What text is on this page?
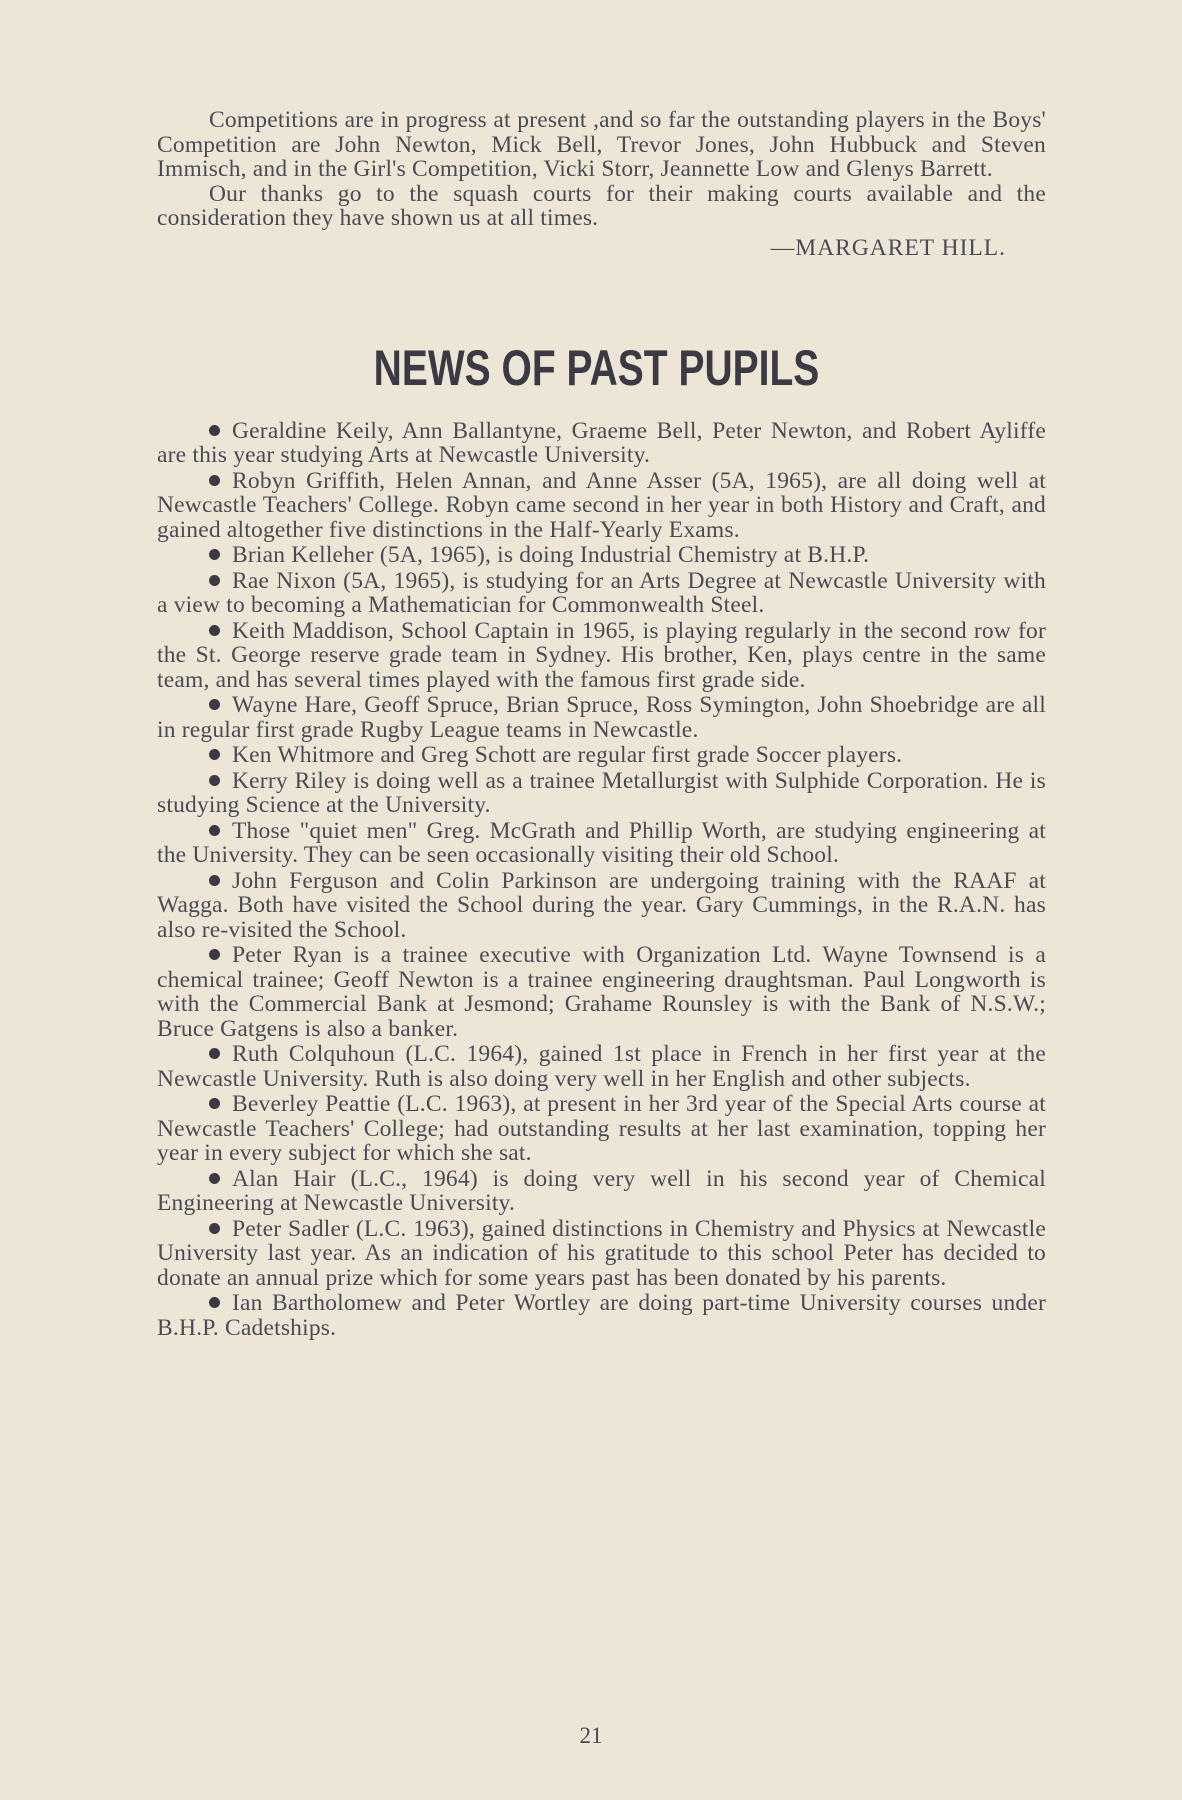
Competitions are in progress at present ,and so far the outstanding players in the Boys' Competition are John Newton, Mick Bell, Trevor Jones, John Hubbuck and Steven Immisch, and in the Girl's Competition, Vicki Storr, Jeannette Low and Glenys Barrett.

Our thanks go to the squash courts for their making courts available and the consideration they have shown us at all times.

—MARGARET HILL.

NEWS OF PAST PUPILS

Geraldine Keily, Ann Ballantyne, Graeme Bell, Peter Newton, and Robert Ayliffe are this year studying Arts at Newcastle University.

Robyn Griffith, Helen Annan, and Anne Asser (5A, 1965), are all doing well at Newcastle Teachers' College. Robyn came second in her year in both History and Craft, and gained altogether five distinctions in the Half-Yearly Exams.

Brian Kelleher (5A, 1965), is doing Industrial Chemistry at B.H.P.

Rae Nixon (5A, 1965), is studying for an Arts Degree at Newcastle University with a view to becoming a Mathematician for Commonwealth Steel.

Keith Maddison, School Captain in 1965, is playing regularly in the second row for the St. George reserve grade team in Sydney. His brother, Ken, plays centre in the same team, and has several times played with the famous first grade side.

Wayne Hare, Geoff Spruce, Brian Spruce, Ross Symington, John Shoebridge are all in regular first grade Rugby League teams in Newcastle.

Ken Whitmore and Greg Schott are regular first grade Soccer players.

Kerry Riley is doing well as a trainee Metallurgist with Sulphide Corporation. He is studying Science at the University.

Those "quiet men" Greg. McGrath and Phillip Worth, are studying engineering at the University. They can be seen occasionally visiting their old School.

John Ferguson and Colin Parkinson are undergoing training with the RAAF at Wagga. Both have visited the School during the year. Gary Cummings, in the R.A.N. has also re-visited the School.

Peter Ryan is a trainee executive with Organization Ltd. Wayne Townsend is a chemical trainee; Geoff Newton is a trainee engineering draughtsman. Paul Longworth is with the Commercial Bank at Jesmond; Grahame Rounsley is with the Bank of N.S.W.; Bruce Gatgens is also a banker.

Ruth Colquhoun (L.C. 1964), gained 1st place in French in her first year at the Newcastle University. Ruth is also doing very well in her English and other subjects.

Beverley Peattie (L.C. 1963), at present in her 3rd year of the Special Arts course at Newcastle Teachers' College; had outstanding results at her last examination, topping her year in every subject for which she sat.

Alan Hair (L.C., 1964) is doing very well in his second year of Chemical Engineering at Newcastle University.

Peter Sadler (L.C. 1963), gained distinctions in Chemistry and Physics at Newcastle University last year. As an indication of his gratitude to this school Peter has decided to donate an annual prize which for some years past has been donated by his parents.

Ian Bartholomew and Peter Wortley are doing part-time University courses under B.H.P. Cadetships.

21
